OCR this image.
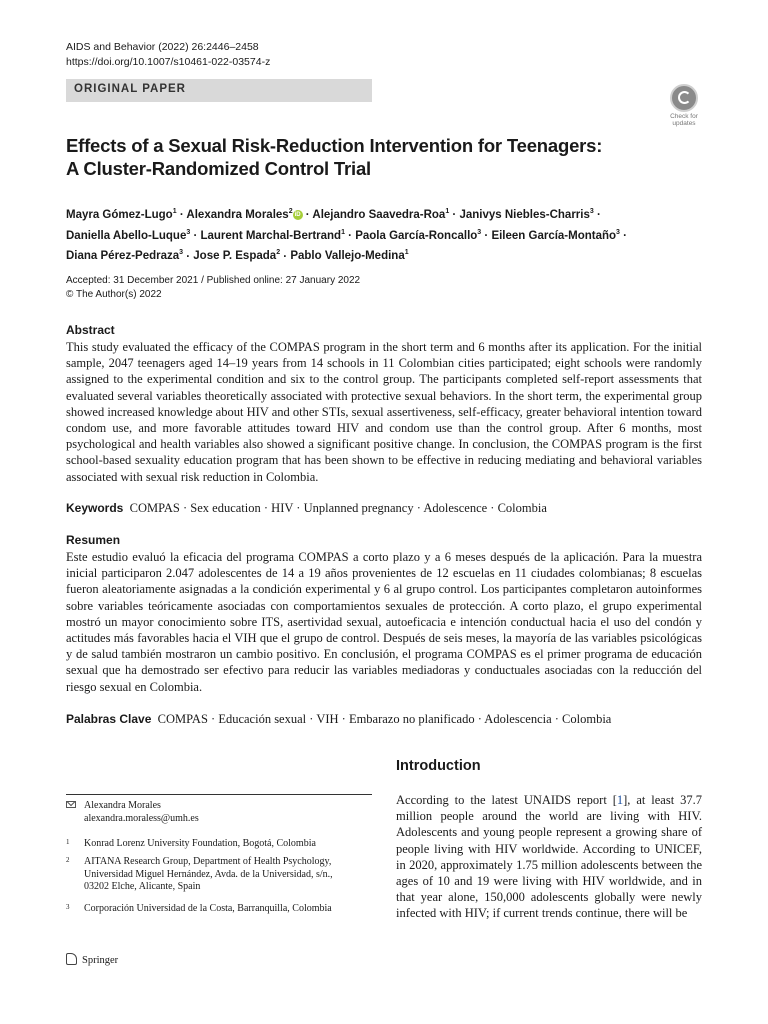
AIDS and Behavior (2022) 26:2446–2458
https://doi.org/10.1007/s10461-022-03574-z
ORIGINAL PAPER
Check for
updates
Effects of a Sexual Risk-Reduction Intervention for Teenagers:
A Cluster-Randomized Control Trial
Mayra Gómez-Lugo$^1$ · Alexandra Morales$^2$ iD · Alejandro Saavedra-Roa$^1$ · Janivys Niebles-Charris$^3$ ·
Daniella Abello-Luque$^3$ · Laurent Marchal-Bertrand$^1$ · Paola García-Roncallo$^3$ · Eileen García-Montaño$^3$ ·
Diana Pérez-Pedraza$^3$ · Jose P. Espada$^2$ · Pablo Vallejo-Medina$^1$
Accepted: 31 December 2021 / Published online: 27 January 2022
© The Author(s) 2022
Abstract
This study evaluated the efficacy of the COMPAS program in the short term and 6 months after its application. For the initial sample, 2047 teenagers aged 14–19 years from 14 schools in 11 Colombian cities participated; eight schools were randomly assigned to the experimental condition and six to the control group. The participants completed self-report assessments that evaluated several variables theoretically associated with protective sexual behaviors. In the short term, the experimental group showed increased knowledge about HIV and other STIs, sexual assertiveness, self-efficacy, greater behavioral intention toward condom use, and more favorable attitudes toward HIV and condom use than the control group. After 6 months, most psychological and health variables also showed a significant positive change. In conclusion, the COMPAS program is the first school-based sexuality education program that has been shown to be effective in reducing mediating and behavioral variables associated with sexual risk reduction in Colombia.
Keywords COMPAS · Sex education · HIV · Unplanned pregnancy · Adolescence · Colombia
Resumen
Este estudio evaluó la eficacia del programa COMPAS a corto plazo y a 6 meses después de la aplicación. Para la muestra inicial participaron 2.047 adolescentes de 14 a 19 años provenientes de 12 escuelas en 11 ciudades colombianas; 8 escuelas fueron aleatoriamente asignadas a la condición experimental y 6 al grupo control. Los participantes completaron autoinformes sobre variables teóricamente asociadas con comportamientos sexuales de protección. A corto plazo, el grupo experimental mostró un mayor conocimiento sobre ITS, asertividad sexual, autoeficacia e intención conductual hacia el uso del condón y actitudes más favorables hacia el VIH que el grupo de control. Después de seis meses, la mayoría de las variables psicológicas y de salud también mostraron un cambio positivo. En conclusión, el programa COMPAS es el primer programa de educación sexual que ha demostrado ser efectivo para reducir las variables mediadoras y conductuales asociadas con la reducción del riesgo sexual en Colombia.
Palabras Clave COMPAS · Educación sexual · VIH · Embarazo no planificado · Adolescencia · Colombia
Introduction
According to the latest UNAIDS report [1], at least 37.7 million people around the world are living with HIV. Adolescents and young people represent a growing share of people living with HIV worldwide. According to UNICEF, in 2020, approximately 1.75 million adolescents between the ages of 10 and 19 were living with HIV worldwide, and in that year alone, 150,000 adolescents globally were newly infected with HIV; if current trends continue, there will be
Alexandra Morales
alexandra.moraless@umh.es
1 Konrad Lorenz University Foundation, Bogotá, Colombia
2 AITANA Research Group, Department of Health Psychology, Universidad Miguel Hernández, Avda. de la Universidad, s/n., 03202 Elche, Alicante, Spain
3 Corporación Universidad de la Costa, Barranquilla, Colombia
Springer
